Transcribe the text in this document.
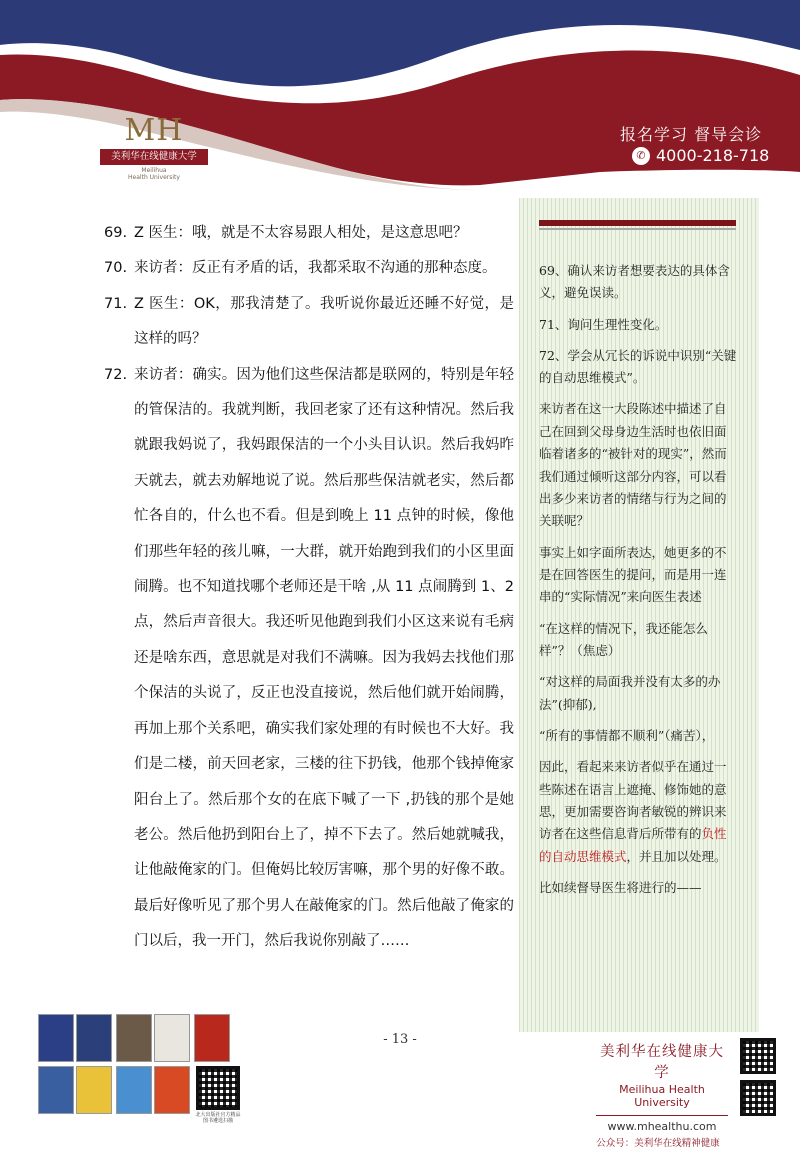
MH
美利华在线健康大学
Meilihua
Health University
报名学习 督导会诊
✆ 4000-218-718
69. Z 医生：哦，就是不太容易跟人相处，是这意思吧？
70. 来访者：反正有矛盾的话，我都采取不沟通的那种态度。
71. Z 医生：OK，那我清楚了。我听说你最近还睡不好觉，是这样的吗？
72. 来访者：确实。因为他们这些保洁都是联网的，特别是年轻的管保洁的。我就判断，我回老家了还有这种情况。然后我就跟我妈说了，我妈跟保洁的一个小头目认识。然后我妈昨天就去，就去劝解地说了说。然后那些保洁就老实，然后都忙各自的，什么也不看。但是到晚上 11 点钟的时候，像他们那些年轻的孩儿嘛，一大群，就开始跑到我们的小区里面闹腾。也不知道找哪个老师还是干啥 ,从 11 点闹腾到 1、2 点，然后声音很大。我还听见他跑到我们小区这来说有毛病还是啥东西，意思就是对我们不满嘛。因为我妈去找他们那个保洁的头说了，反正也没直接说，然后他们就开始闹腾，再加上那个关系吧，确实我们家处理的有时候也不大好。我们是二楼，前天回老家，三楼的往下扔钱，他那个钱掉俺家阳台上了。然后那个女的在底下喊了一下 ,扔钱的那个是她老公。然后他扔到阳台上了，掉不下去了。然后她就喊我，让他敲俺家的门。但俺妈比较厉害嘛，那个男的好像不敢。最后好像听见了那个男人在敲俺家的门。然后他敲了俺家的门以后，我一开门，然后我说你别敲了……

69、确认来访者想要表达的具体含义，避免误读。

71、询问生理性变化。

72、学会从冗长的诉说中识别“关键的自动思维模式”。

来访者在这一大段陈述中描述了自己在回到父母身边生活时也依旧面临着诸多的“被针对的现实”，然而我们通过倾听这部分内容，可以看出多少来访者的情绪与行为之间的关联呢？

事实上如字面所表达，她更多的不是在回答医生的提问，而是用一连串的“实际情况”来向医生表述

“在这样的情况下，我还能怎么样”？（焦虑）

“对这样的局面我并没有太多的办法”(抑郁),

“所有的事情都不顺利”（痛苦），

因此，看起来来访者似乎在通过一些陈述在语言上遮掩、修饰她的意思，更加需要咨询者敏锐的辨识来访者在这些信息背后所带有的负性的自动思维模式，并且加以处理。

比如续督导医生将进行的——

- 13 -
北大出版社官方精品
图书遴选扫描
美利华在线健康大学
Meilihua Health University
www.mhealthu.com
公众号：美利华在线精神健康
